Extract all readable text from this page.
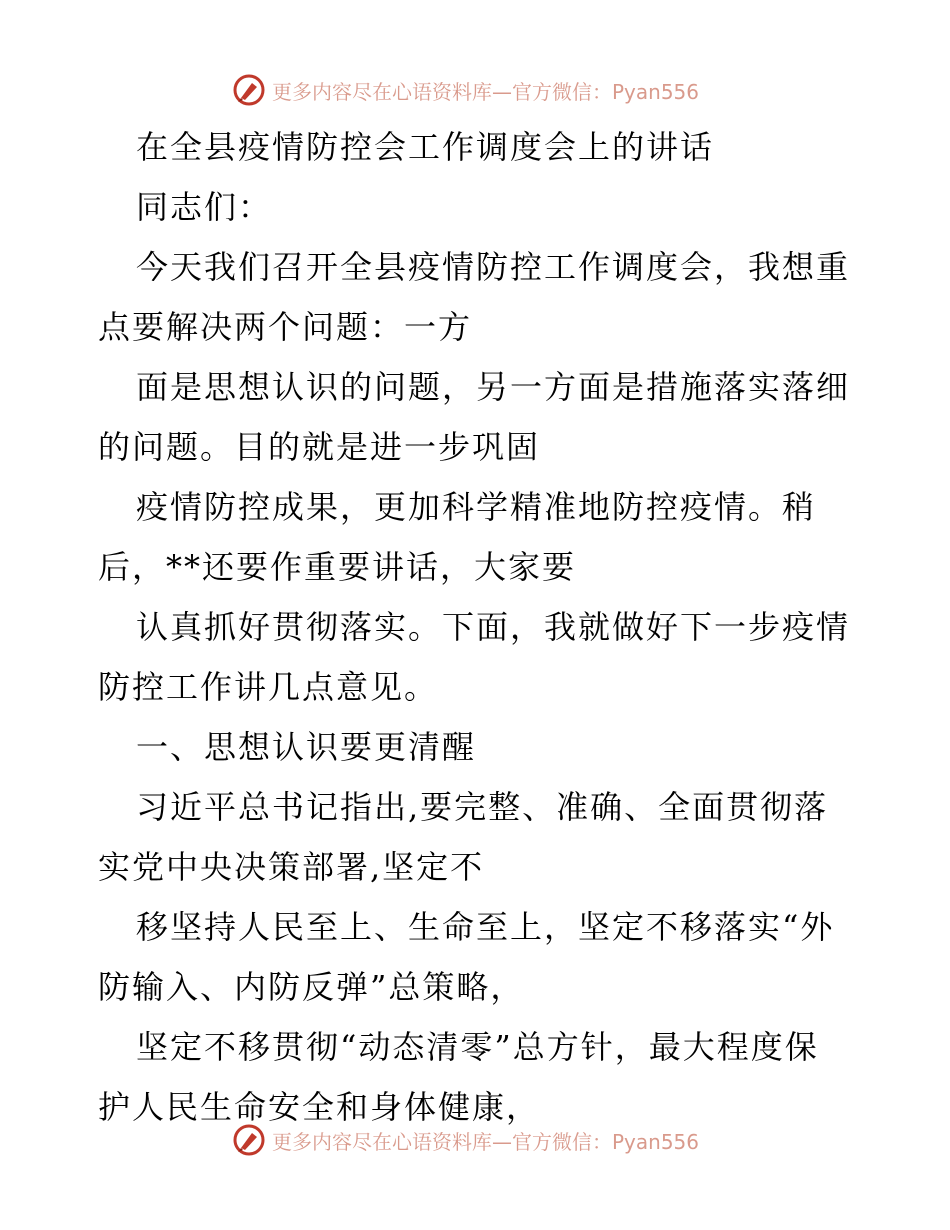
更多内容尽在心语资料库—官方微信：Pyan556
在全县疫情防控会工作调度会上的讲话
同志们：
今天我们召开全县疫情防控工作调度会，我想重
点要解决两个问题：一方
面是思想认识的问题，另一方面是措施落实落细
的问题。目的就是进一步巩固
疫情防控成果，更加科学精准地防控疫情。稍
后，**还要作重要讲话，大家要
认真抓好贯彻落实。下面，我就做好下一步疫情
防控工作讲几点意见。
一、思想认识要更清醒
习近平总书记指出,要完整、准确、全面贯彻落
实党中央决策部署,坚定不
移坚持人民至上、生命至上，坚定不移落实“外
防输入、内防反弹”总策略，
坚定不移贯彻“动态清零”总方针，最大程度保
护人民生命安全和身体健康，
更多内容尽在心语资料库—官方微信：Pyan556
